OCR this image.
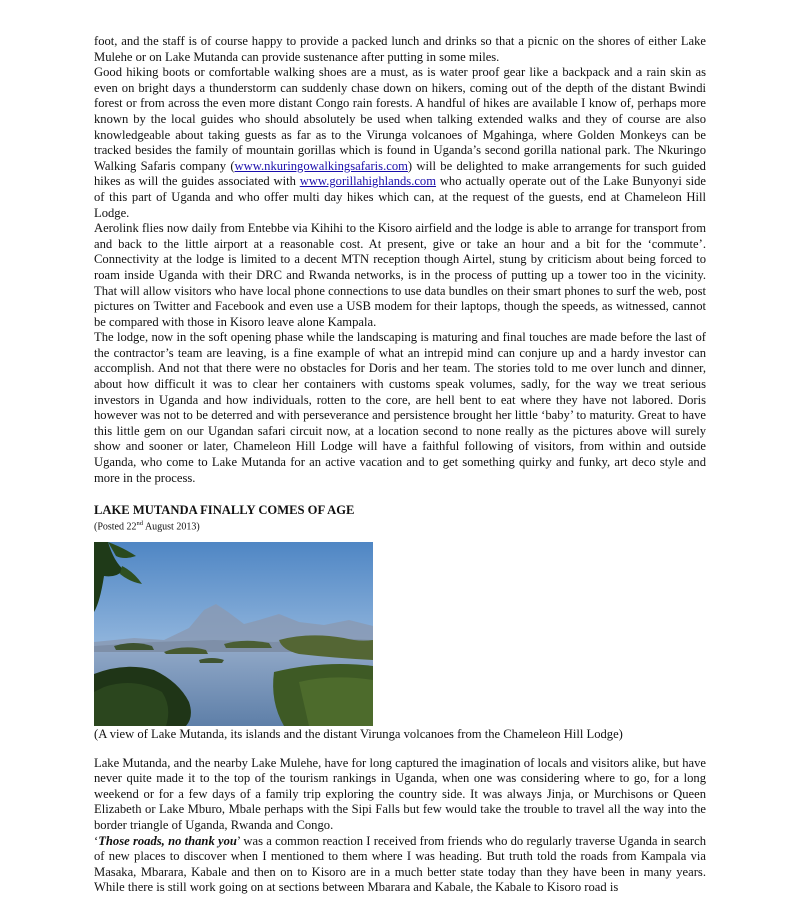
foot, and the staff is of course happy to provide a packed lunch and drinks so that a picnic on the shores of either Lake Mulehe or on Lake Mutanda can provide sustenance after putting in some miles.

Good hiking boots or comfortable walking shoes are a must, as is water proof gear like a backpack and a rain skin as even on bright days a thunderstorm can suddenly chase down on hikers, coming out of the depth of the distant Bwindi forest or from across the even more distant Congo rain forests. A handful of hikes are available I know of, perhaps more known by the local guides who should absolutely be used when talking extended walks and they of course are also knowledgeable about taking guests as far as to the Virunga volcanoes of Mgahinga, where Golden Monkeys can be tracked besides the family of mountain gorillas which is found in Uganda’s second gorilla national park. The Nkuringo Walking Safaris company (www.nkuringowalkingsafaris.com) will be delighted to make arrangements for such guided hikes as will the guides associated with www.gorillahighlands.com who actually operate out of the Lake Bunyonyi side of this part of Uganda and who offer multi day hikes which can, at the request of the guests, end at Chameleon Hill Lodge.

Aerolink flies now daily from Entebbe via Kihihi to the Kisoro airfield and the lodge is able to arrange for transport from and back to the little airport at a reasonable cost. At present, give or take an hour and a bit for the ‘commute’. Connectivity at the lodge is limited to a decent MTN reception though Airtel, stung by criticism about being forced to roam inside Uganda with their DRC and Rwanda networks, is in the process of putting up a tower too in the vicinity. That will allow visitors who have local phone connections to use data bundles on their smart phones to surf the web, post pictures on Twitter and Facebook and even use a USB modem for their laptops, though the speeds, as witnessed, cannot be compared with those in Kisoro leave alone Kampala.

The lodge, now in the soft opening phase while the landscaping is maturing and final touches are made before the last of the contractor’s team are leaving, is a fine example of what an intrepid mind can conjure up and a hardy investor can accomplish. And not that there were no obstacles for Doris and her team. The stories told to me over lunch and dinner, about how difficult it was to clear her containers with customs speak volumes, sadly, for the way we treat serious investors in Uganda and how individuals, rotten to the core, are hell bent to eat where they have not labored. Doris however was not to be deterred and with perseverance and persistence brought her little ‘baby’ to maturity. Great to have this little gem on our Ugandan safari circuit now, at a location second to none really as the pictures above will surely show and sooner or later, Chameleon Hill Lodge will have a faithful following of visitors, from within and outside Uganda, who come to Lake Mutanda for an active vacation and to get something quirky and funky, art deco style and more in the process.

LAKE MUTANDA FINALLY COMES OF AGE
(Posted 22nd August 2013)
(A view of Lake Mutanda, its islands and the distant Virunga volcanoes from the Chameleon Hill Lodge)

Lake Mutanda, and the nearby Lake Mulehe, have for long captured the imagination of locals and visitors alike, but have never quite made it to the top of the tourism rankings in Uganda, when one was considering where to go, for a long weekend or for a few days of a family trip exploring the country side. It was always Jinja, or Murchisons or Queen Elizabeth or Lake Mburo, Mbale perhaps with the Sipi Falls but few would take the trouble to travel all the way into the border triangle of Uganda, Rwanda and Congo.

‘Those roads, no thank you’ was a common reaction I received from friends who do regularly traverse Uganda in search of new places to discover when I mentioned to them where I was heading. But truth told the roads from Kampala via Masaka, Mbarara, Kabale and then on to Kisoro are in a much better state today than they have been in many years. While there is still work going on at sections between Mbarara and Kabale, the Kabale to Kisoro road is
